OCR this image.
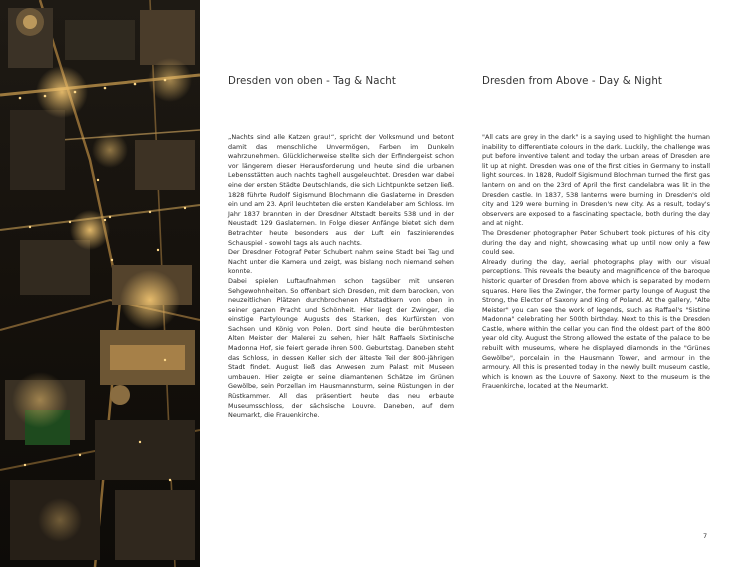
Dresden von oben - Tag & Nacht	Dresden from Above - Day & Night

„Nachts sind alle Katzen grau!“, spricht der Volksmund und betont damit das menschliche Unvermögen, Farben im Dunkeln wahrzunehmen. Glücklicherweise stellte sich der Erfindergeist schon vor längerem dieser Herausforderung und heute sind die urbanen Lebensstätten auch nachts taghell ausgeleuchtet. Dresden war dabei eine der ersten Städte Deutschlands, die sich Lichtpunkte setzen ließ. 1828 führte Rudolf Sigismund Blochmann die Gaslaterne in Dresden ein und am 23. April leuchteten die ersten Kandelaber am Schloss. Im Jahr 1837 brannten in der Dresdner Altstadt bereits 538 und in der Neustadt 129 Gaslaternen. In Folge dieser Anfänge bietet sich dem Betrachter heute besonders aus der Luft ein faszinierendes Schauspiel - sowohl tags als auch nachts.

Der Dresdner Fotograf Peter Schubert nahm seine Stadt bei Tag und Nacht unter die Kamera und zeigt, was bislang noch niemand sehen konnte.

Dabei spielen Luftaufnahmen schon tagsüber mit unseren Sehgewohnheiten. So offenbart sich Dresden, mit dem barocken, von neuzeitlichen Plätzen durchbrochenen Altstadtkern von oben in seiner ganzen Pracht und Schönheit. Hier liegt der Zwinger, die einstige Partylounge Augusts des Starken, des Kurfürsten von Sachsen und König von Polen. Dort sind heute die berühmtesten Alten Meister der Malerei zu sehen, hier hält Raffaels Sixtinische Madonna Hof, sie feiert gerade ihren 500. Geburtstag. Daneben steht das Schloss, in dessen Keller sich der älteste Teil der 800-jährigen Stadt findet. August ließ das Anwesen zum Palast mit Museen umbauen. Hier zeigte er seine diamantenen Schätze im Grünen Gewölbe, sein Porzellan im Hausmannsturm, seine Rüstungen in der Rüstkammer. All das präsentiert heute das neu erbaute Museumsschloss, der sächsische Louvre. Daneben, auf dem Neumarkt, die Frauenkirche.

"All cats are grey in the dark" is a saying used to highlight the human inability to differentiate colours in the dark. Luckily, the challenge was put before inventive talent and today the urban areas of Dresden are lit up at night. Dresden was one of the first cities in Germany to install light sources. In 1828, Rudolf Sigismund Blochman turned the first gas lantern on and on the 23rd of April the first candelabra was lit in the Dresden castle. In 1837, 538 lanterns were burning in Dresden's old city and 129 were burning in Dresden's new city. As a result, today's observers are exposed to a fascinating spectacle, both during the day and at night.

The Dresdener photographer Peter Schubert took pictures of his city during the day and night, showcasing what up until now only a few could see.

Already during the day, aerial photographs play with our visual perceptions. This reveals the beauty and magnificence of the baroque historic quarter of Dresden from above which is separated by modern squares. Here lies the Zwinger, the former party lounge of August the Strong, the Elector of Saxony and King of Poland. At the gallery, "Alte Meister" you can see the work of legends, such as Raffael's "Sistine Madonna" celebrating her 500th birthday. Next to this is the Dresden Castle, where within the cellar you can find the oldest part of the 800 year old city. August the Strong allowed the estate of the palace to be rebuilt with museums, where he displayed diamonds in the "Grünes Gewölbe", porcelain in the Hausmann Tower, and armour in the armoury. All this is presented today in the newly built museum castle, which is known as the Louvre of Saxony. Next to the museum is the Frauenkirche, located at the Neumarkt.

7
